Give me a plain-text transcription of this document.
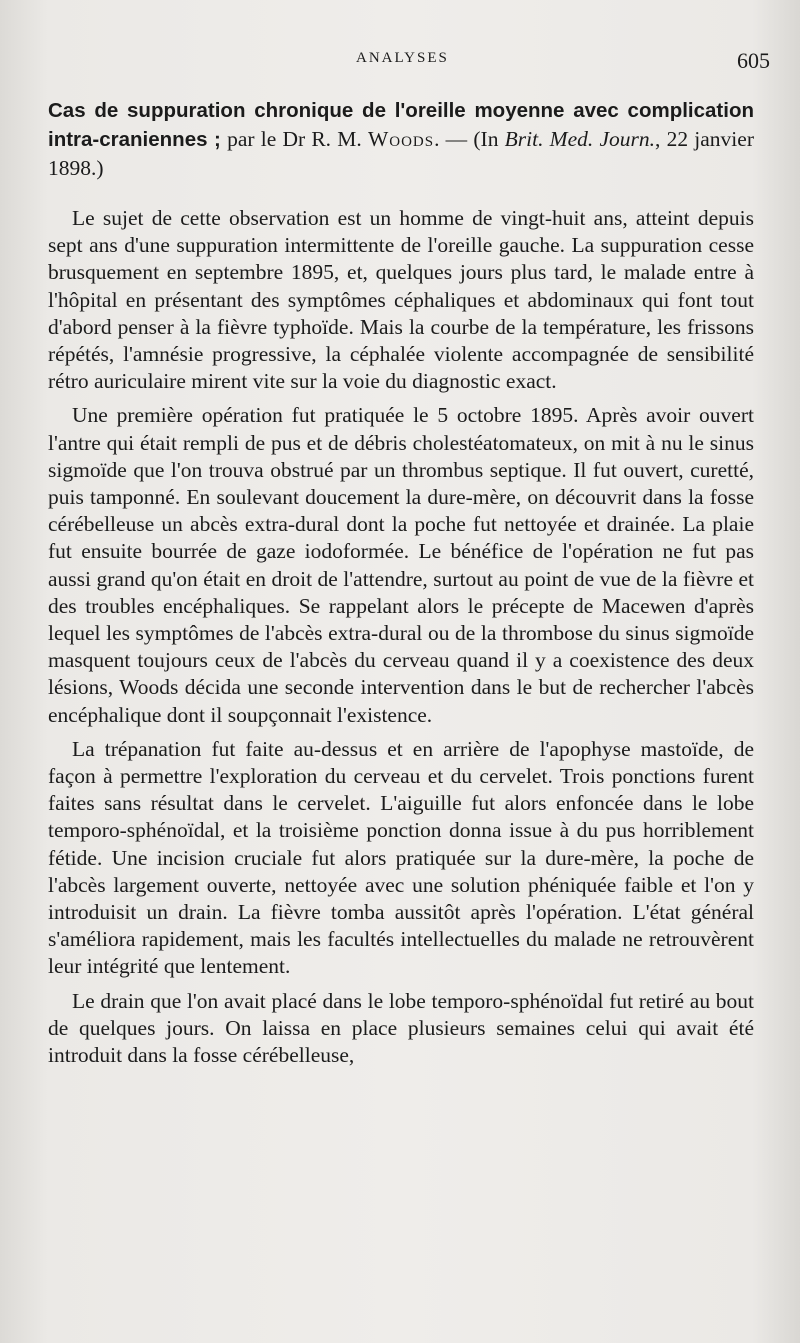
ANALYSES	605

Cas de suppuration chronique de l'oreille moyenne avec complication intra-craniennes ; par le Dr R. M. Woods. — (In Brit. Med. Journ., 22 janvier 1898.)

Le sujet de cette observation est un homme de vingt-huit ans, atteint depuis sept ans d'une suppuration intermittente de l'oreille gauche. La suppuration cesse brusquement en septembre 1895, et, quelques jours plus tard, le malade entre à l'hôpital en présentant des symptômes céphaliques et abdominaux qui font tout d'abord penser à la fièvre typhoïde. Mais la courbe de la température, les frissons répétés, l'amnésie progressive, la céphalée violente accompagnée de sensibilité rétro auriculaire mirent vite sur la voie du diagnostic exact.

Une première opération fut pratiquée le 5 octobre 1895. Après avoir ouvert l'antre qui était rempli de pus et de débris cholestéatomateux, on mit à nu le sinus sigmoïde que l'on trouva obstrué par un thrombus septique. Il fut ouvert, curetté, puis tamponné. En soulevant doucement la dure-mère, on découvrit dans la fosse cérébelleuse un abcès extra-dural dont la poche fut nettoyée et drainée. La plaie fut ensuite bourrée de gaze iodoformée. Le bénéfice de l'opération ne fut pas aussi grand qu'on était en droit de l'attendre, surtout au point de vue de la fièvre et des troubles encéphaliques. Se rappelant alors le précepte de Macewen d'après lequel les symptômes de l'abcès extra-dural ou de la thrombose du sinus sigmoïde masquent toujours ceux de l'abcès du cerveau quand il y a coexistence des deux lésions, Woods décida une seconde intervention dans le but de rechercher l'abcès encéphalique dont il soupçonnait l'existence.

La trépanation fut faite au-dessus et en arrière de l'apophyse mastoïde, de façon à permettre l'exploration du cerveau et du cervelet. Trois ponctions furent faites sans résultat dans le cervelet. L'aiguille fut alors enfoncée dans le lobe temporo-sphénoïdal, et la troisième ponction donna issue à du pus horriblement fétide. Une incision cruciale fut alors pratiquée sur la dure-mère, la poche de l'abcès largement ouverte, nettoyée avec une solution phéniquée faible et l'on y introduisit un drain. La fièvre tomba aussitôt après l'opération. L'état général s'améliora rapidement, mais les facultés intellectuelles du malade ne retrouvèrent leur intégrité que lentement.

Le drain que l'on avait placé dans le lobe temporo-sphénoïdal fut retiré au bout de quelques jours. On laissa en place plusieurs semaines celui qui avait été introduit dans la fosse cérébelleuse,
